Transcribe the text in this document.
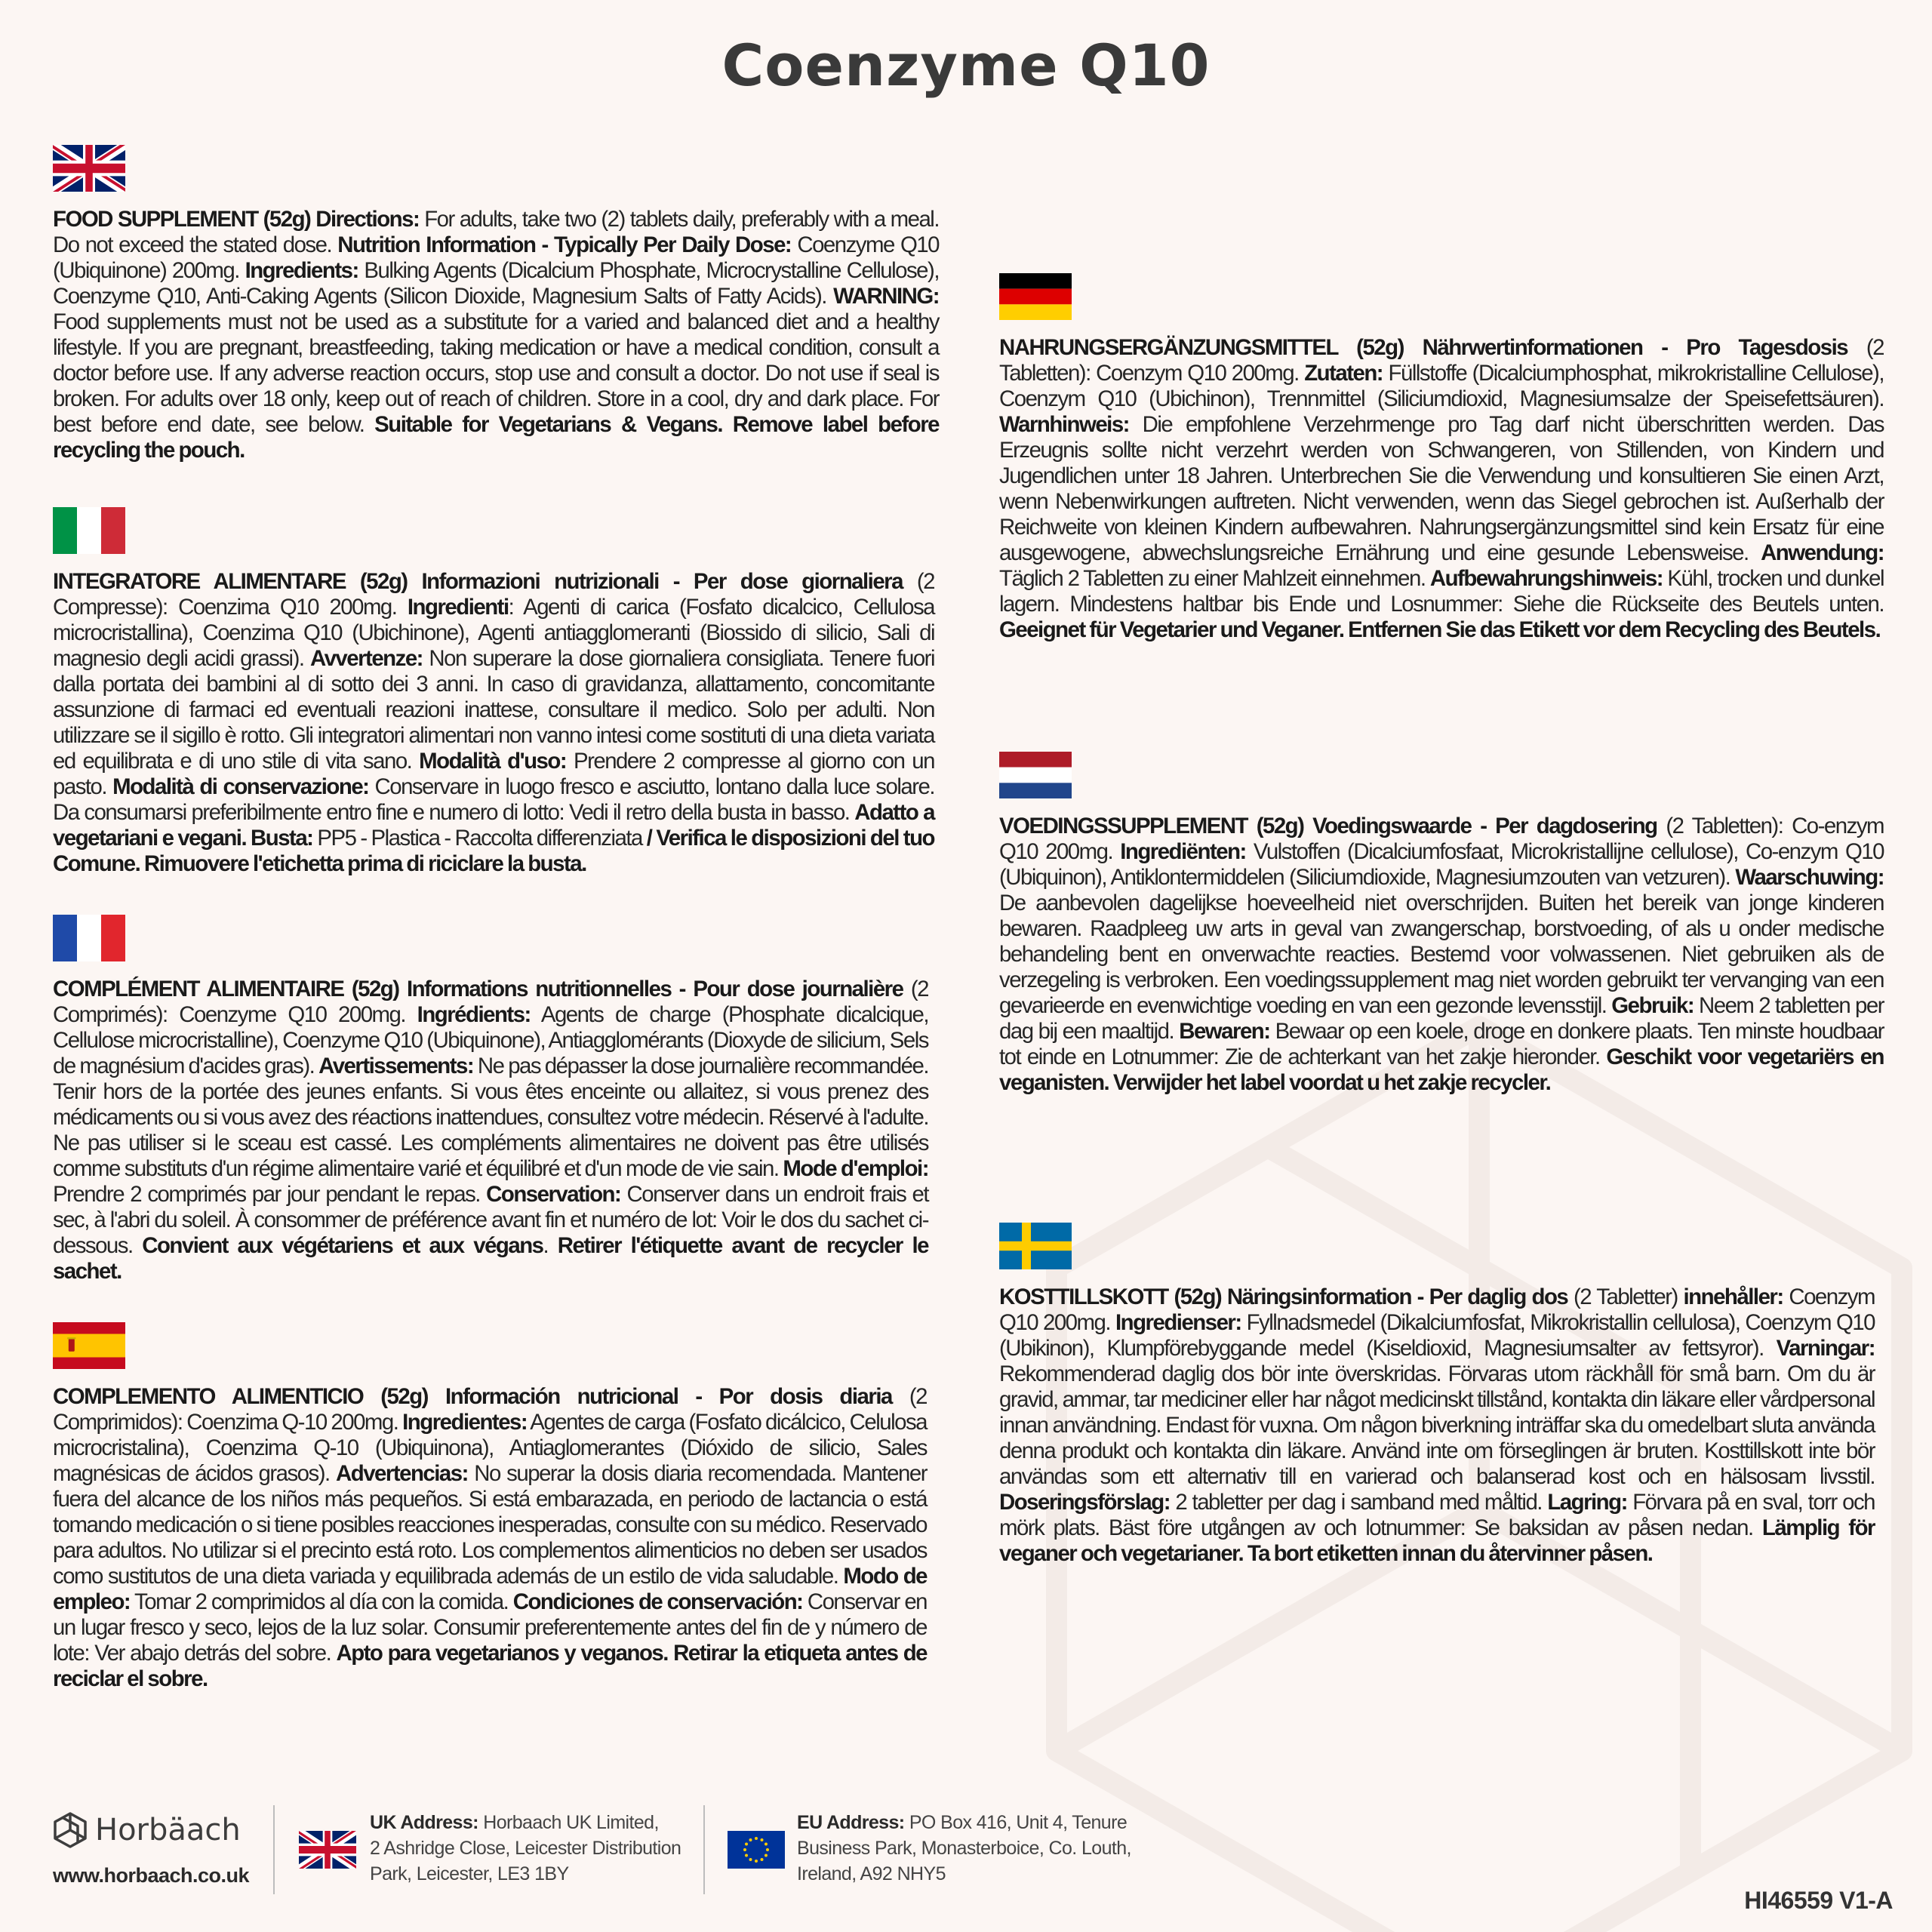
Coenzyme Q10
FOOD SUPPLEMENT (52g) Directions: For adults, take two (2) tablets daily, preferably with a meal. Do not exceed the stated dose. Nutrition Information - Typically Per Daily Dose: Coenzyme Q10 (Ubiquinone) 200mg. Ingredients: Bulking Agents (Dicalcium Phosphate, Microcrystalline Cellulose), Coenzyme Q10, Anti-Caking Agents (Silicon Dioxide, Magnesium Salts of Fatty Acids). WARNING: Food supplements must not be used as a substitute for a varied and balanced diet and a healthy lifestyle. If you are pregnant, breastfeeding, taking medication or have a medical condition, consult a doctor before use. If any adverse reaction occurs, stop use and consult a doctor. Do not use if seal is broken. For adults over 18 only, keep out of reach of children. Store in a cool, dry and dark place. For best before end date, see below. Suitable for Vegetarians & Vegans. Remove label before recycling the pouch.
INTEGRATORE ALIMENTARE (52g) Informazioni nutrizionali - Per dose giornaliera (2 Compresse): Coenzima Q10 200mg. Ingredienti: Agenti di carica (Fosfato dicalcico, Cellulosa microcristallina), Coenzima Q10 (Ubichinone), Agenti antiagglomeranti (Biossido di silicio, Sali di magnesio degli acidi grassi). Avvertenze: Non superare la dose giornaliera consigliata. Tenere fuori dalla portata dei bambini al di sotto dei 3 anni. In caso di gravidanza, allattamento, concomitante assunzione di farmaci ed eventuali reazioni inattese, consultare il medico. Solo per adulti. Non utilizzare se il sigillo è rotto. Gli integratori alimentari non vanno intesi come sostituti di una dieta variata ed equilibrata e di uno stile di vita sano. Modalità d'uso: Prendere 2 compresse al giorno con un pasto. Modalità di conservazione: Conservare in luogo fresco e asciutto, lontano dalla luce solare. Da consumarsi preferibilmente entro fine e numero di lotto: Vedi il retro della busta in basso. Adatto a vegetariani e vegani. Busta: PP5 - Plastica - Raccolta differenziata / Verifica le disposizioni del tuo Comune. Rimuovere l'etichetta prima di riciclare la busta.
COMPLÉMENT ALIMENTAIRE (52g) Informations nutritionnelles - Pour dose journalière (2 Comprimés): Coenzyme Q10 200mg. Ingrédients: Agents de charge (Phosphate dicalcique, Cellulose microcristalline), Coenzyme Q10 (Ubiquinone), Antiagglomérants (Dioxyde de silicium, Sels de magnésium d'acides gras). Avertissements: Ne pas dépasser la dose journalière recommandée. Tenir hors de la portée des jeunes enfants. Si vous êtes enceinte ou allaitez, si vous prenez des médicaments ou si vous avez des réactions inattendues, consultez votre médecin. Réservé à l'adulte. Ne pas utiliser si le sceau est cassé. Les compléments alimentaires ne doivent pas être utilisés comme substituts d'un régime alimentaire varié et équilibré et d'un mode de vie sain. Mode d'emploi: Prendre 2 comprimés par jour pendant le repas. Conservation: Conserver dans un endroit frais et sec, à l'abri du soleil. À consommer de préférence avant fin et numéro de lot: Voir le dos du sachet ci-dessous. Convient aux végétariens et aux végans. Retirer l'étiquette avant de recycler le sachet.
COMPLEMENTO ALIMENTICIO (52g) Información nutricional - Por dosis diaria (2 Comprimidos): Coenzima Q-10 200mg. Ingredientes: Agentes de carga (Fosfato dicálcico, Celulosa microcristalina), Coenzima Q-10 (Ubiquinona), Antiaglomerantes (Dióxido de silicio, Sales magnésicas de ácidos grasos). Advertencias: No superar la dosis diaria recomendada. Mantener fuera del alcance de los niños más pequeños. Si está embarazada, en periodo de lactancia o está tomando medicación o si tiene posibles reacciones inesperadas, consulte con su médico. Reservado para adultos. No utilizar si el precinto está roto. Los complementos alimenticios no deben ser usados como sustitutos de una dieta variada y equilibrada además de un estilo de vida saludable. Modo de empleo: Tomar 2 comprimidos al día con la comida. Condiciones de conservación: Conservar en un lugar fresco y seco, lejos de la luz solar. Consumir preferentemente antes del fin de y número de lote: Ver abajo detrás del sobre. Apto para vegetarianos y veganos. Retirar la etiqueta antes de reciclar el sobre.
NAHRUNGSERGÄNZUNGSMITTEL (52g) Nährwertinformationen - Pro Tagesdosis (2 Tabletten): Coenzym Q10 200mg. Zutaten: Füllstoffe (Dicalciumphosphat, mikrokristalline Cellulose), Coenzym Q10 (Ubichinon), Trennmittel (Siliciumdioxid, Magnesiumsalze der Speisefettsäuren). Warnhinweis: Die empfohlene Verzehrmenge pro Tag darf nicht überschritten werden. Das Erzeugnis sollte nicht verzehrt werden von Schwangeren, von Stillenden, von Kindern und Jugendlichen unter 18 Jahren. Unterbrechen Sie die Verwendung und konsultieren Sie einen Arzt, wenn Nebenwirkungen auftreten. Nicht verwenden, wenn das Siegel gebrochen ist. Außerhalb der Reichweite von kleinen Kindern aufbewahren. Nahrungsergänzungsmittel sind kein Ersatz für eine ausgewogene, abwechslungsreiche Ernährung und eine gesunde Lebensweise. Anwendung: Täglich 2 Tabletten zu einer Mahlzeit einnehmen. Aufbewahrungshinweis: Kühl, trocken und dunkel lagern. Mindestens haltbar bis Ende und Losnummer: Siehe die Rückseite des Beutels unten. Geeignet für Vegetarier und Veganer. Entfernen Sie das Etikett vor dem Recycling des Beutels.
VOEDINGSSUPPLEMENT (52g) Voedingswaarde - Per dagdosering (2 Tabletten): Co-enzym Q10 200mg. Ingrediënten: Vulstoffen (Dicalciumfosfaat, Microkristallijne cellulose), Co-enzym Q10 (Ubiquinon), Antiklontermiddelen (Siliciumdioxide, Magnesiumzouten van vetzuren). Waarschuwing: De aanbevolen dagelijkse hoeveelheid niet overschrijden. Buiten het bereik van jonge kinderen bewaren. Raadpleeg uw arts in geval van zwangerschap, borstvoeding, of als u onder medische behandeling bent en onverwachte reacties. Bestemd voor volwassenen. Niet gebruiken als de verzegeling is verbroken. Een voedingssupplement mag niet worden gebruikt ter vervanging van een gevarieerde en evenwichtige voeding en van een gezonde levensstijl. Gebruik: Neem 2 tabletten per dag bij een maaltijd. Bewaren: Bewaar op een koele, droge en donkere plaats. Ten minste houdbaar tot einde en Lotnummer: Zie de achterkant van het zakje hieronder. Geschikt voor vegetariërs en veganisten. Verwijder het label voordat u het zakje recycler.
KOSTTILLSKOTT (52g) Näringsinformation - Per daglig dos (2 Tabletter) innehåller: Coenzym Q10 200mg. Ingredienser: Fyllnadsmedel (Dikalciumfosfat, Mikrokristallin cellulosa), Coenzym Q10 (Ubikinon), Klumpförebyggande medel (Kiseldioxid, Magnesiumsalter av fettsyror). Varningar: Rekommenderad daglig dos bör inte överskridas. Förvaras utom räckhåll för små barn. Om du är gravid, ammar, tar mediciner eller har något medicinskt tillstånd, kontakta din läkare eller vårdpersonal innan användning. Endast för vuxna. Om någon biverkning inträffar ska du omedelbart sluta använda denna produkt och kontakta din läkare. Använd inte om förseglingen är bruten. Kosttillskott inte bör användas som ett alternativ till en varierad och balanserad kost och en hälsosam livsstil. Doseringsförslag: 2 tabletter per dag i samband med måltid. Lagring: Förvara på en sval, torr och mörk plats. Bäst före utgången av och lotnummer: Se baksidan av påsen nedan. Lämplig för veganer och vegetarianer. Ta bort etiketten innan du återvinner påsen.
Horbäach
www.horbaach.co.uk
UK Address: Horbaach UK Limited,
2 Ashridge Close, Leicester Distribution
Park, Leicester, LE3 1BY
EU Address: PO Box 416, Unit 4, Tenure
Business Park, Monasterboice, Co. Louth,
Ireland, A92 NHY5
HI46559 V1-A
